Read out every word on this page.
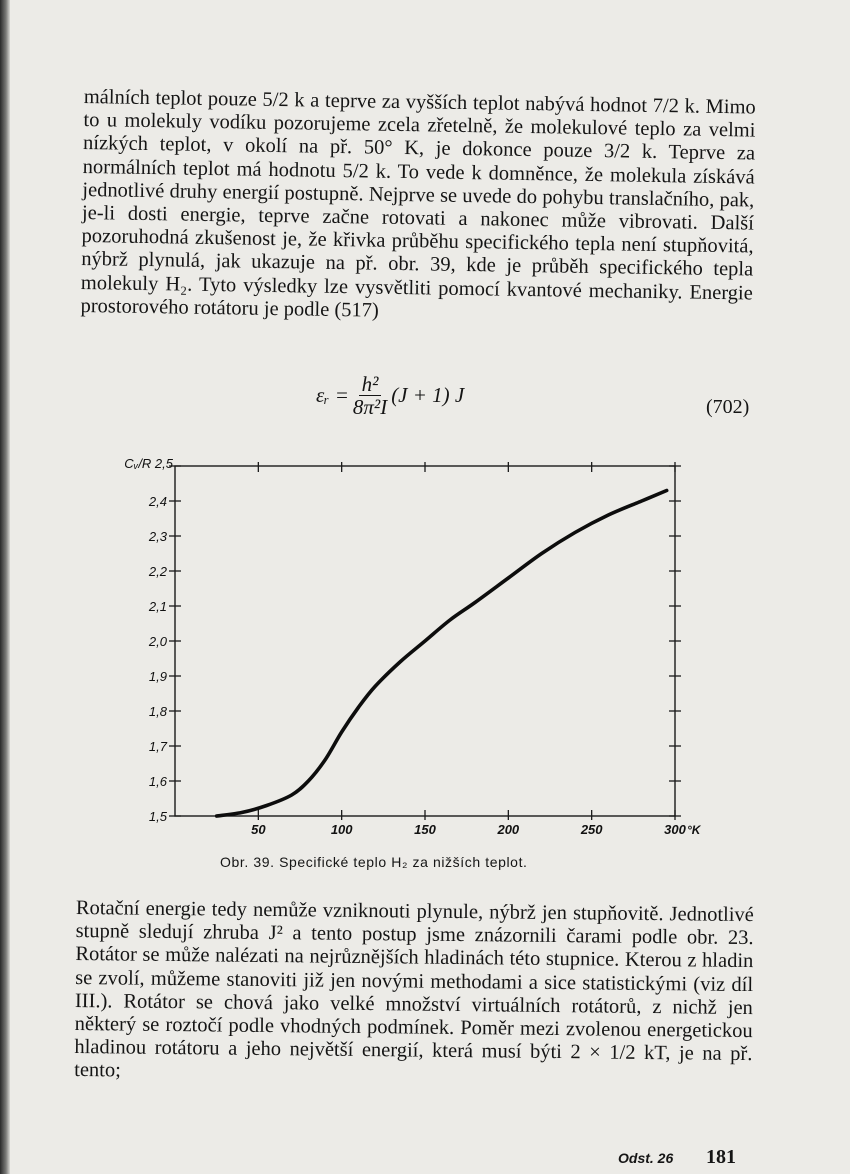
málních teplot pouze 5/2 k a teprve za vyšších teplot nabývá hodnot 7/2 k. Mimo to u molekuly vodíku pozorujeme zcela zřetelně, že molekulové teplo za velmi nízkých teplot, v okolí na př. 50° K, je dokonce pouze 3/2 k. Teprve za normálních teplot má hodnotu 5/2 k. To vede k domněnce, že molekula získává jednotlivé druhy energií postupně. Nejprve se uvede do pohybu translačního, pak, je-li dosti energie, teprve začne rotovati a nakonec může vibrovati. Další pozoruhodná zkušenost je, že křivka průběhu specifického tepla není stupňovitá, nýbrž plynulá, jak ukazuje na př. obr. 39, kde je průběh specifického tepla molekuly H₂. Tyto výsledky lze vysvětliti pomocí kvantové mechaniky. Energie prostorového rotátoru je podle (517)

εᵣ = $\frac{\text{h²}}{\text{8π²I}} (J + 1)$ J	(702)
1,5
1,6
1,7
1,8
1,9
2,0
2,1
2,2
2,3
2,4
Cᵥ/R 2,5
50	100	150	200	250	300 °K
Obr. 39. Specifické teplo H₂ za nižších teplot.

Rotační energie tedy nemůže vzniknouti plynule, nýbrž jen stupňovitě. Jednotlivé stupně sledují zhruba J² a tento postup jsme znázornili čarami podle obr. 23. Rotátor se může nalézati na nejrůznějších hladinách této stupnice. Kterou z hladin se zvolí, můžeme stanoviti již jen novými methodami a sice statistickými (viz díl III.). Rotátor se chová jako velké množství virtuálních rotátorů, z nichž jen některý se roztočí podle vhodných podmínek. Poměr mezi zvolenou energetickou hladinou rotátoru a jeho největší energií, která musí býti 2 × 1/2 kT, je na př. tento;

Odst. 26 181
